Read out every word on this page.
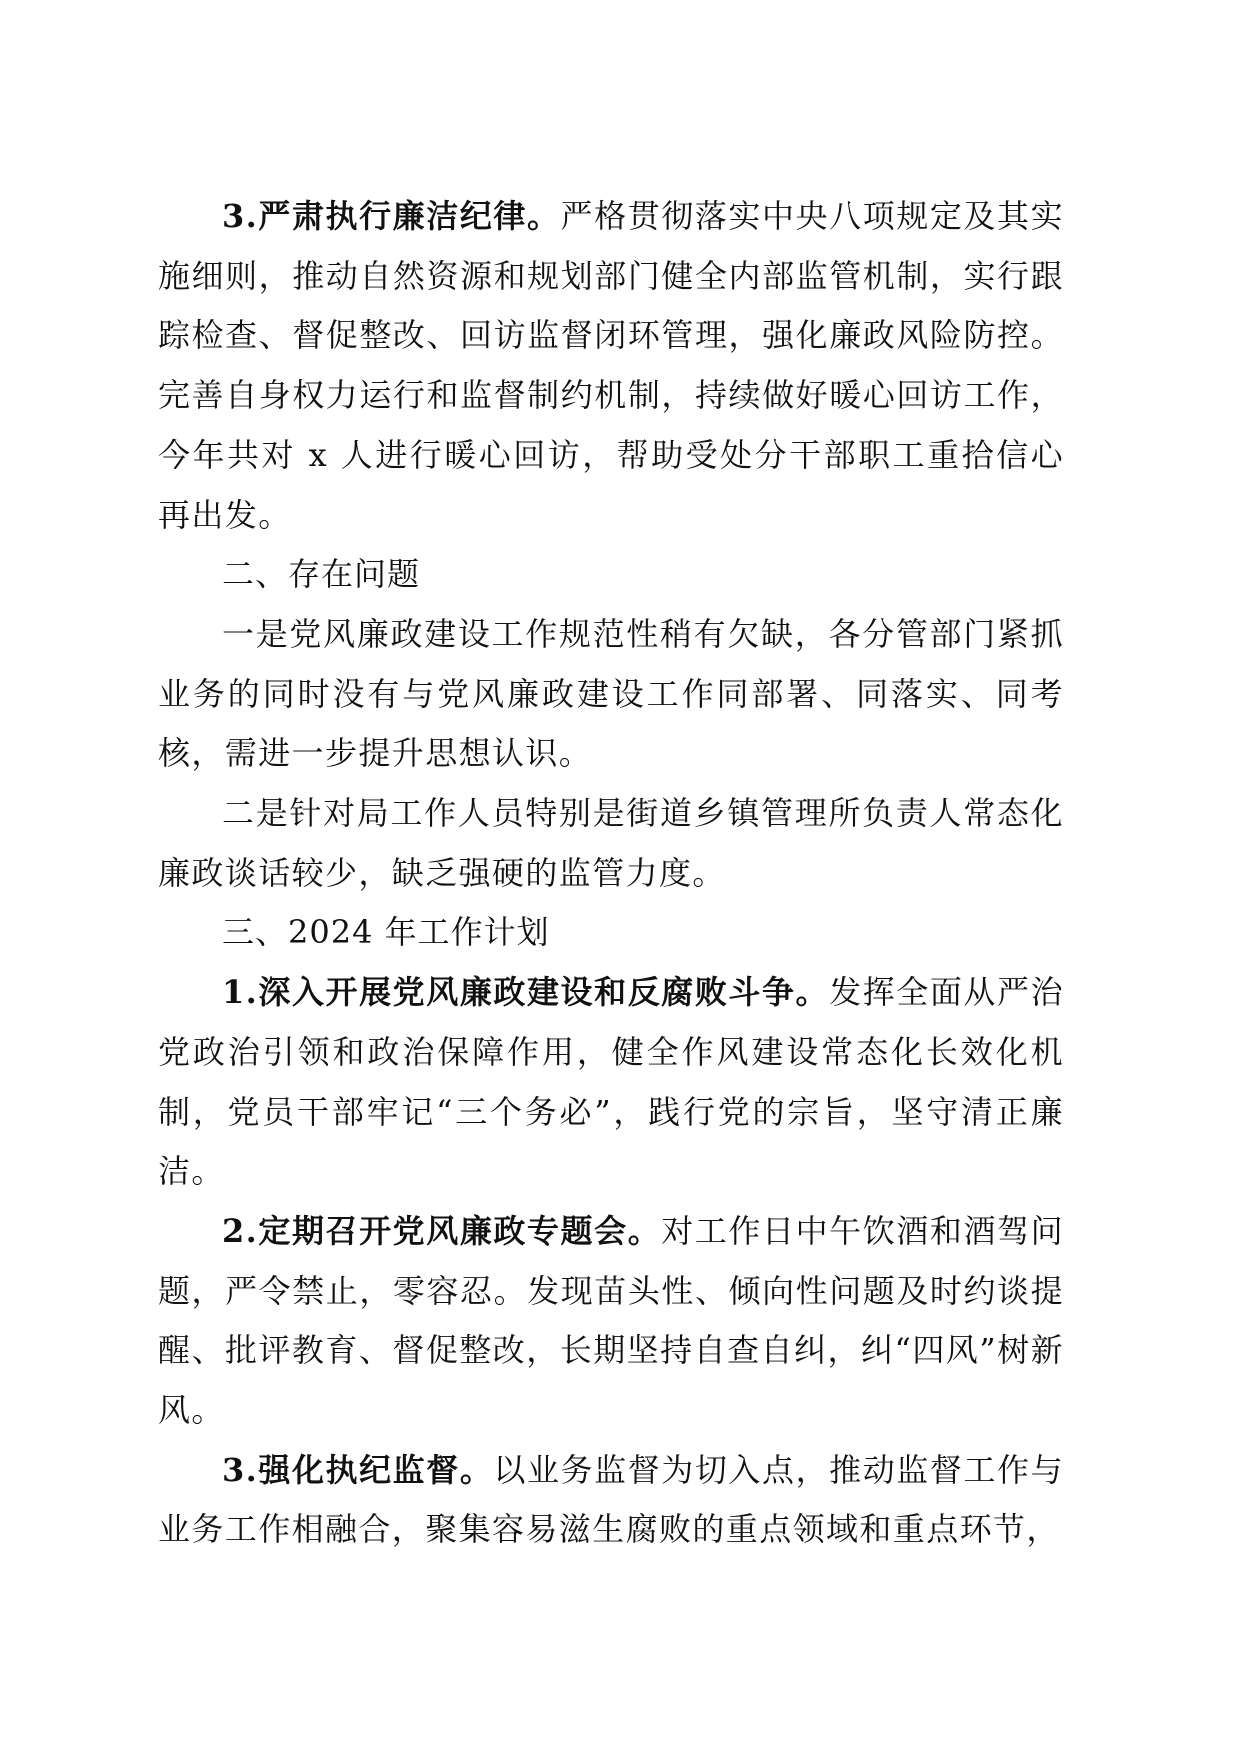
3.严肃执行廉洁纪律。严格贯彻落实中央八项规定及其实施细则，推动自然资源和规划部门健全内部监管机制，实行跟踪检查、督促整改、回访监督闭环管理，强化廉政风险防控。完善自身权力运行和监督制约机制，持续做好暖心回访工作，今年共对 x 人进行暖心回访，帮助受处分干部职工重拾信心再出发。

二、存在问题

一是党风廉政建设工作规范性稍有欠缺，各分管部门紧抓业务的同时没有与党风廉政建设工作同部署、同落实、同考核，需进一步提升思想认识。

二是针对局工作人员特别是街道乡镇管理所负责人常态化廉政谈话较少，缺乏强硬的监管力度。

三、2024 年工作计划

1.深入开展党风廉政建设和反腐败斗争。发挥全面从严治党政治引领和政治保障作用，健全作风建设常态化长效化机制，党员干部牢记“三个务必”，践行党的宗旨，坚守清正廉洁。

2.定期召开党风廉政专题会。对工作日中午饮酒和酒驾问题，严令禁止，零容忍。发现苗头性、倾向性问题及时约谈提醒、批评教育、督促整改，长期坚持自查自纠，纠“四风”树新风。

3.强化执纪监督。以业务监督为切入点，推动监督工作与业务工作相融合，聚集容易滋生腐败的重点领域和重点环节，
